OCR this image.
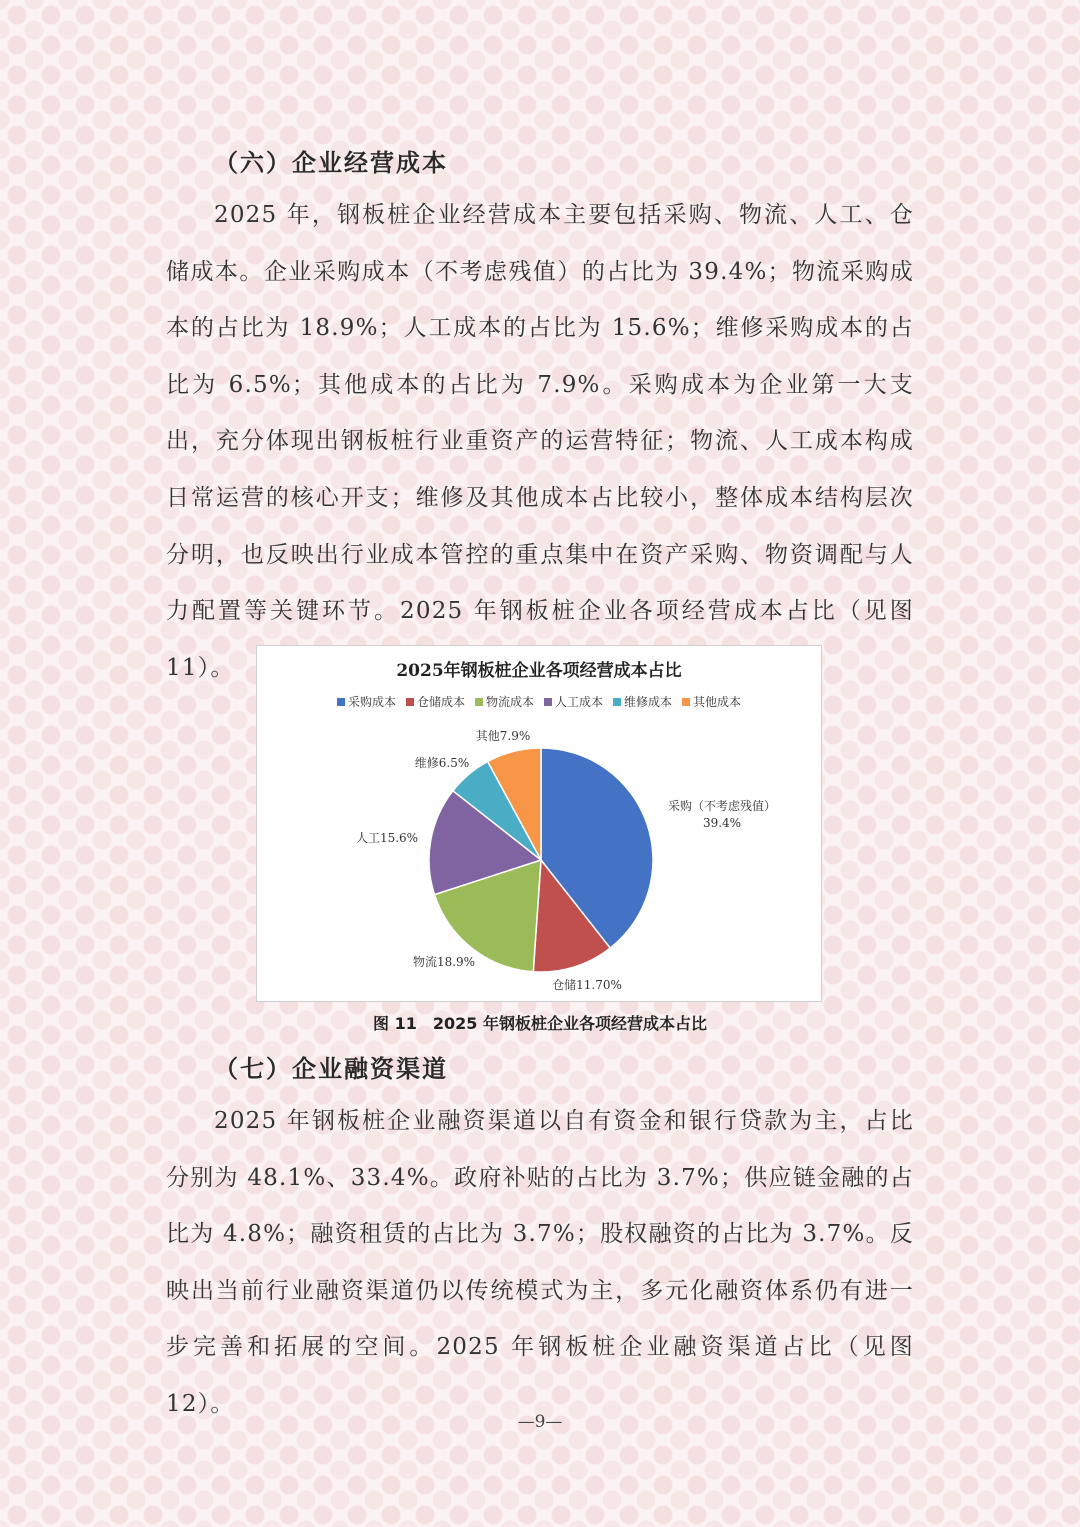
（六）企业经营成本

2025 年，钢板桩企业经营成本主要包括采购、物流、人工、仓储成本。企业采购成本（不考虑残值）的占比为 39.4%；物流采购成本的占比为 18.9%；人工成本的占比为 15.6%；维修采购成本的占比为 6.5%；其他成本的占比为 7.9%。采购成本为企业第一大支出，充分体现出钢板桩行业重资产的运营特征；物流、人工成本构成日常运营的核心开支；维修及其他成本占比较小，整体成本结构层次分明，也反映出行业成本管控的重点集中在资产采购、物资调配与人力配置等关键环节。2025 年钢板桩企业各项经营成本占比（见图 11）。	2025年钢板桩企业各项经营成本占比
采购成本 仓储成本 物流成本 人工成本 维修成本 其他成本
采购（不考虑残值）
39.4%
仓储11.70%
物流18.9%
人工15.6%
维修6.5%
其他7.9%
图 11　2025 年钢板桩企业各项经营成本占比
（七）企业融资渠道

2025 年钢板桩企业融资渠道以自有资金和银行贷款为主，占比分别为 48.1%、33.4%。政府补贴的占比为 3.7%；供应链金融的占比为 4.8%；融资租赁的占比为 3.7%；股权融资的占比为 3.7%。反映出当前行业融资渠道仍以传统模式为主，多元化融资体系仍有进一步完善和拓展的空间。2025 年钢板桩企业融资渠道占比（见图 12）。

—9—
